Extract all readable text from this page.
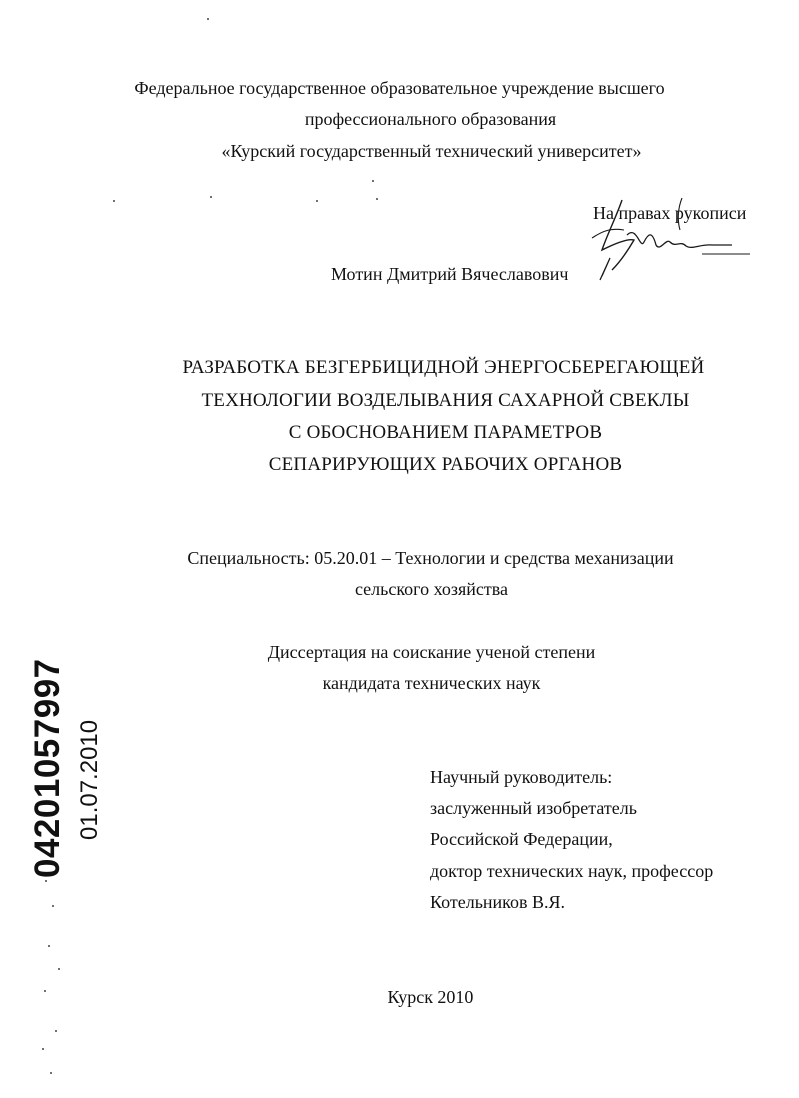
Федеральное государственное образовательное учреждение высшего
профессионального образования
«Курский государственный технический университет»
На правах рукописи
Мотин Дмитрий Вячеславович
РАЗРАБОТКА БЕЗГЕРБИЦИДНОЙ ЭНЕРГОСБЕРЕГАЮЩЕЙ
ТЕХНОЛОГИИ ВОЗДЕЛЫВАНИЯ САХАРНОЙ СВЕКЛЫ
С ОБОСНОВАНИЕМ ПАРАМЕТРОВ
СЕПАРИРУЮЩИХ РАБОЧИХ ОРГАНОВ
Специальность: 05.20.01 – Технологии и средства механизации
сельского хозяйства
Диссертация на соискание ученой степени
кандидата технических наук
Научный руководитель:
заслуженный изобретатель
Российской Федерации,
доктор технических наук, профессор
Котельников В.Я.
Курск 2010
04201057997 01.07.2010
